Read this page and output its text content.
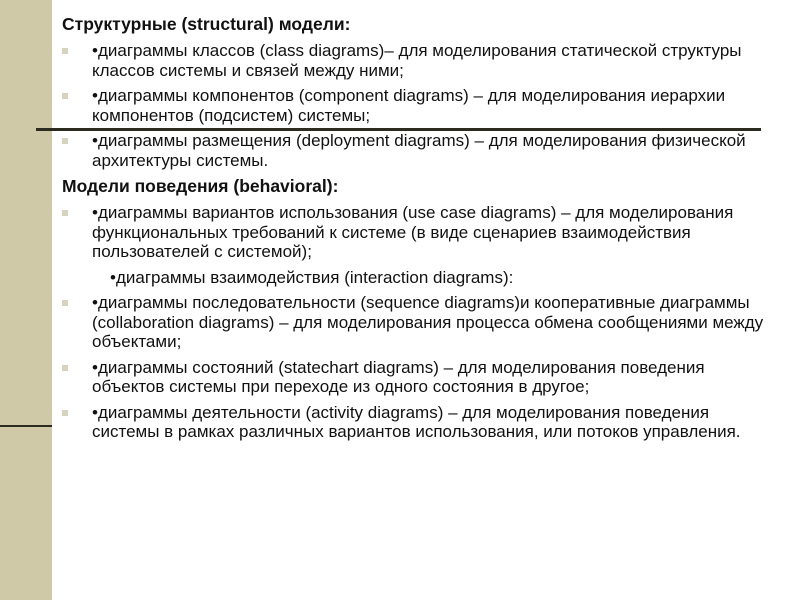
Структурные (structural) модели:
•диаграммы классов (class diagrams)– для моделирования статической структуры классов системы и связей между ними;
•диаграммы компонентов (component diagrams) – для моделирования иерархии компонентов (подсистем) системы;
•диаграммы размещения (deployment diagrams) – для моделирования физической архитектуры системы.
Модели поведения (behavioral):
•диаграммы вариантов использования (use case diagrams) – для моделирования функциональных требований к системе (в виде сценариев взаимодействия пользователей с системой);
•диаграммы взаимодействия (interaction diagrams):
•диаграммы последовательности (sequence diagrams)и кооперативные диаграммы (collaboration diagrams) – для моделирования процесса обмена сообщениями между объектами;
•диаграммы состояний (statechart diagrams) – для моделирования поведения объектов системы при переходе из одного состояния в другое;
•диаграммы деятельности (activity diagrams) – для моделирования поведения системы в рамках различных вариантов использования, или потоков управления.
